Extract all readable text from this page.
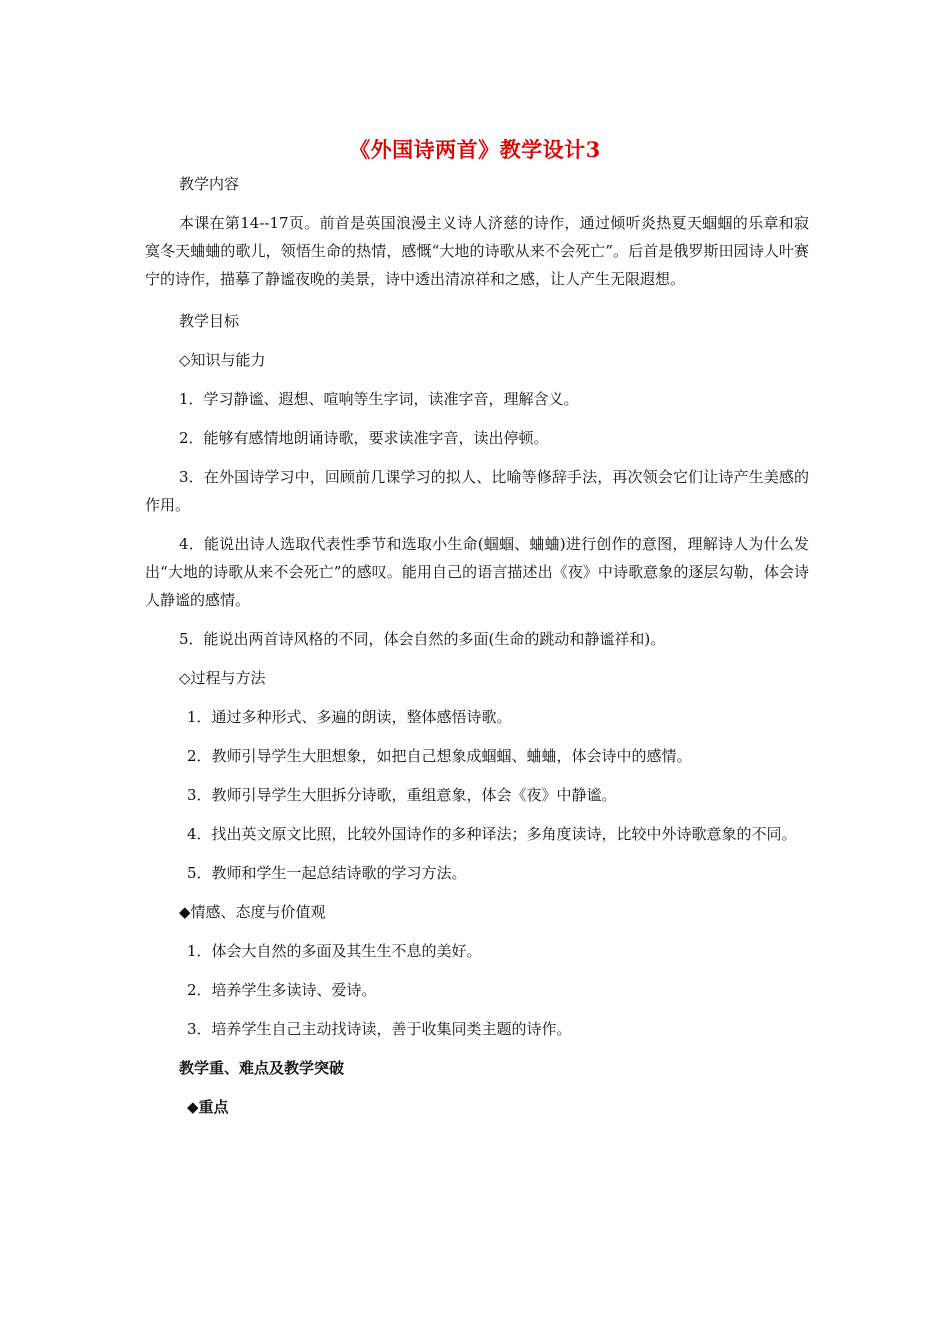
《外国诗两首》教学设计3

教学内容

本课在第14--17页。前首是英国浪漫主义诗人济慈的诗作，通过倾听炎热夏天蝈蝈的乐章和寂寞冬天蛐蛐的歌儿，领悟生命的热情，感慨“大地的诗歌从来不会死亡”。后首是俄罗斯田园诗人叶赛宁的诗作，描摹了静谧夜晚的美景，诗中透出清凉祥和之感，让人产生无限遐想。

教学目标

◇知识与能力

1．学习静谧、遐想、喧响等生字词，读准字音，理解含义。

2．能够有感情地朗诵诗歌，要求读准字音，读出停顿。

3．在外国诗学习中，回顾前几课学习的拟人、比喻等修辞手法，再次领会它们让诗产生美感的作用。

4．能说出诗人选取代表性季节和选取小生命(蝈蝈、蛐蛐)进行创作的意图，理解诗人为什么发出“大地的诗歌从来不会死亡”的感叹。能用自己的语言描述出《夜》中诗歌意象的逐层勾勒，体会诗人静谧的感情。

5．能说出两首诗风格的不同，体会自然的多面(生命的跳动和静谧祥和)。

◇过程与方法

1．通过多种形式、多遍的朗读，整体感悟诗歌。

2．教师引导学生大胆想象，如把自己想象成蝈蝈、蛐蛐，体会诗中的感情。

3．教师引导学生大胆拆分诗歌，重组意象，体会《夜》中静谧。

4．找出英文原文比照，比较外国诗作的多种译法；多角度读诗，比较中外诗歌意象的不同。

5．教师和学生一起总结诗歌的学习方法。

◆情感、态度与价值观

1．体会大自然的多面及其生生不息的美好。

2．培养学生多读诗、爱诗。

3．培养学生自己主动找诗读，善于收集同类主题的诗作。

教学重、难点及教学突破

◆重点
